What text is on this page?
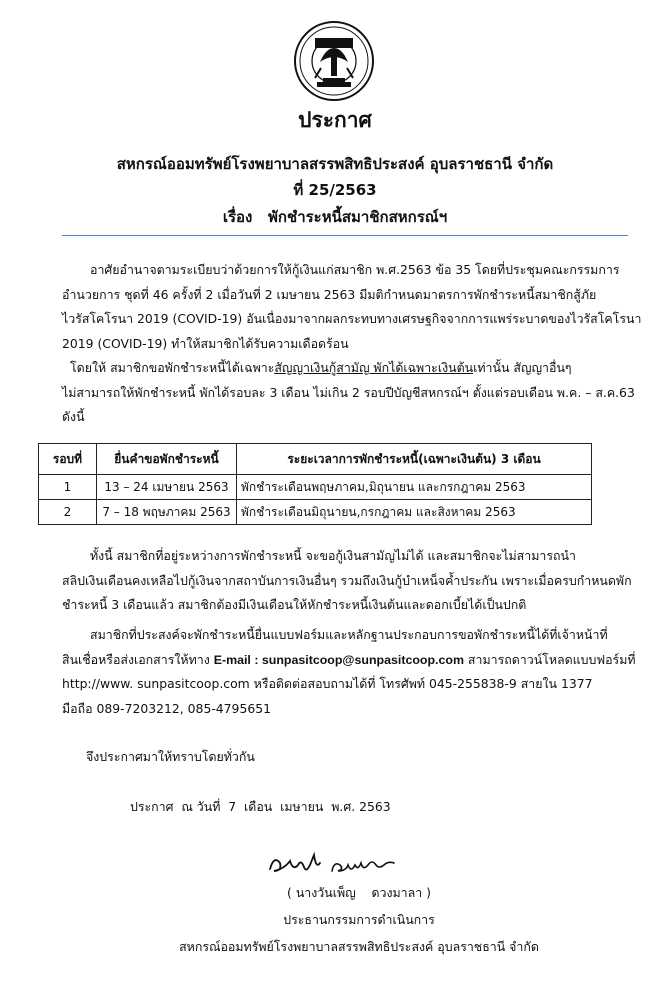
ประกาศ
สหกรณ์ออมทรัพย์โรงพยาบาลสรรพสิทธิประสงค์ อุบลราชธานี จำกัด
ที่ 25/2563
เรื่อง   พักชำระหนี้สมาชิกสหกรณ์ฯ
อาศัยอำนาจตามระเบียบว่าด้วยการให้กู้เงินแก่สมาชิก พ.ศ.2563 ข้อ 35 โดยที่ประชุมคณะกรรมการ
อำนวยการ ชุดที่ 46 ครั้งที่ 2 เมื่อวันที่ 2 เมษายน 2563 มีมติกำหนดมาตรการพักชำระหนี้สมาชิกสู้ภัย
ไวรัสโคโรนา 2019 (COVID-19) อันเนื่องมาจากผลกระทบทางเศรษฐกิจจากการแพร่ระบาดของไวรัสโคโรนา
2019 (COVID-19) ทำให้สมาชิกได้รับความเดือดร้อน
โดยให้ สมาชิกขอพักชำระหนี้ได้เฉพาะสัญญาเงินกู้สามัญ พักได้เฉพาะเงินต้นเท่านั้น สัญญาอื่นๆ
ไม่สามารถให้พักชำระหนี้ พักได้รอบละ 3 เดือน ไม่เกิน 2 รอบปีบัญชีสหกรณ์ฯ ตั้งแต่รอบเดือน พ.ค. – ส.ค.63
ดังนี้
รอบที่	ยื่นคำขอพักชำระหนี้	ระยะเวลาการพักชำระหนี้(เฉพาะเงินต้น) 3 เดือน
1	13 – 24 เมษายน 2563	พักชำระเดือนพฤษภาคม,มิถุนายน และกรกฎาคม 2563
2	7 – 18 พฤษภาคม 2563	พักชำระเดือนมิถุนายน,กรกฎาคม และสิงหาคม 2563
ทั้งนี้ สมาชิกที่อยู่ระหว่างการพักชำระหนี้ จะขอกู้เงินสามัญไม่ได้ และสมาชิกจะไม่สามารถนำ
สลิปเงินเดือนคงเหลือไปกู้เงินจากสถาบันการเงินอื่นๆ รวมถึงเงินกู้บำเหน็จค้ำประกัน เพราะเมื่อครบกำหนดพัก
ชำระหนี้ 3 เดือนแล้ว สมาชิกต้องมีเงินเดือนให้หักชำระหนี้เงินต้นและดอกเบี้ยได้เป็นปกติ
สมาชิกที่ประสงค์จะพักชำระหนี้ยื่นแบบฟอร์มและหลักฐานประกอบการขอพักชำระหนี้ได้ที่เจ้าหน้าที่
สินเชื่อหรือส่งเอกสารให้ทาง E-mail : sunpasitcoop@sunpasitcoop.com สามารถดาวน์โหลดแบบฟอร์มที่
http://www. sunpasitcoop.com หรือติดต่อสอบถามได้ที่ โทรศัพท์ 045-255838-9 สายใน 1377
มือถือ 089-7203212, 085-4795651
จึงประกาศมาให้ทราบโดยทั่วกัน
ประกาศ  ณ วันที่  7  เดือน  เมษายน  พ.ศ. 2563
( นางวันเพ็ญ    ดวงมาลา )
ประธานกรรมการดำเนินการ
สหกรณ์ออมทรัพย์โรงพยาบาลสรรพสิทธิประสงค์ อุบลราชธานี จำกัด
